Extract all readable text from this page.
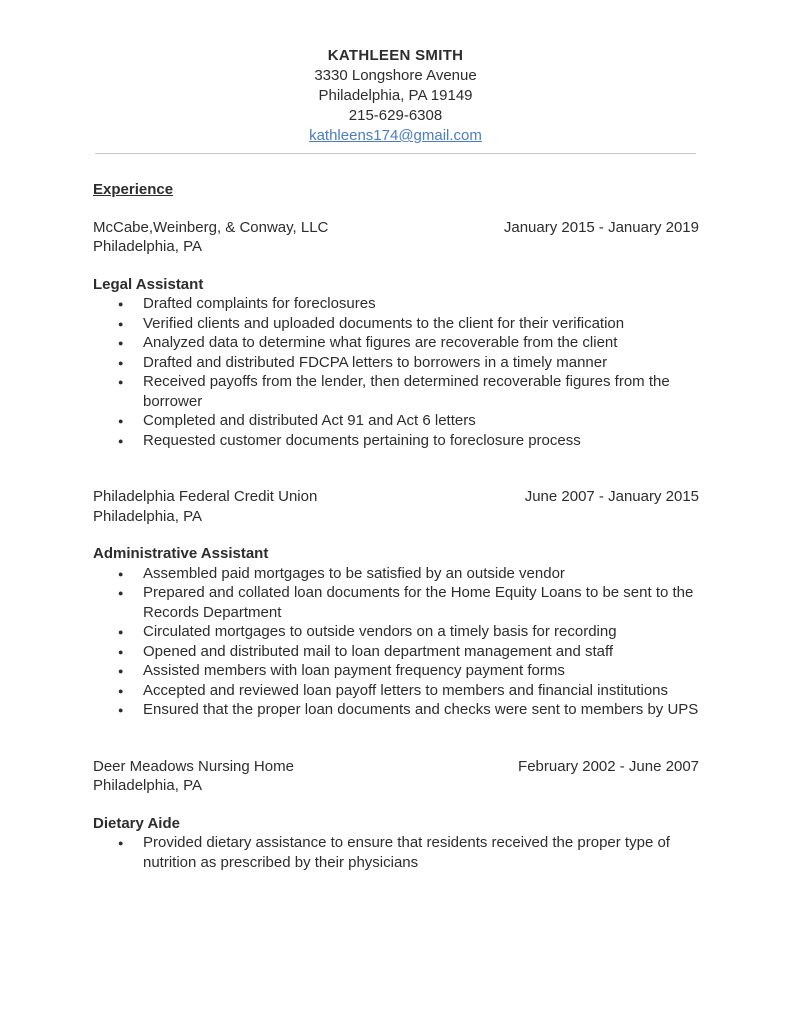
KATHLEEN SMITH
3330 Longshore Avenue
Philadelphia, PA 19149
215-629-6308
kathleens174@gmail.com
Experience
McCabe,Weinberg, & Conway, LLC	January 2015 - January 2019
Philadelphia, PA
Legal Assistant
● Drafted complaints for foreclosures
● Verified clients and uploaded documents to the client for their verification
● Analyzed data to determine what figures are recoverable from the client
● Drafted and distributed FDCPA letters to borrowers in a timely manner
● Received payoffs from the lender, then determined recoverable figures from the borrower
● Completed and distributed Act 91 and Act 6 letters
● Requested customer documents pertaining to foreclosure process
Philadelphia Federal Credit Union	June 2007 - January 2015
Philadelphia, PA
Administrative Assistant
● Assembled paid mortgages to be satisfied by an outside vendor
● Prepared and collated loan documents for the Home Equity Loans to be sent to the Records Department
● Circulated mortgages to outside vendors on a timely basis for recording
● Opened and distributed mail to loan department management and staff
● Assisted members with loan payment frequency payment forms
● Accepted and reviewed loan payoff letters to members and financial institutions
● Ensured that the proper loan documents and checks were sent to members by UPS
Deer Meadows Nursing Home	February 2002 - June 2007
Philadelphia, PA
Dietary Aide
● Provided dietary assistance to ensure that residents received the proper type of nutrition as prescribed by their physicians
